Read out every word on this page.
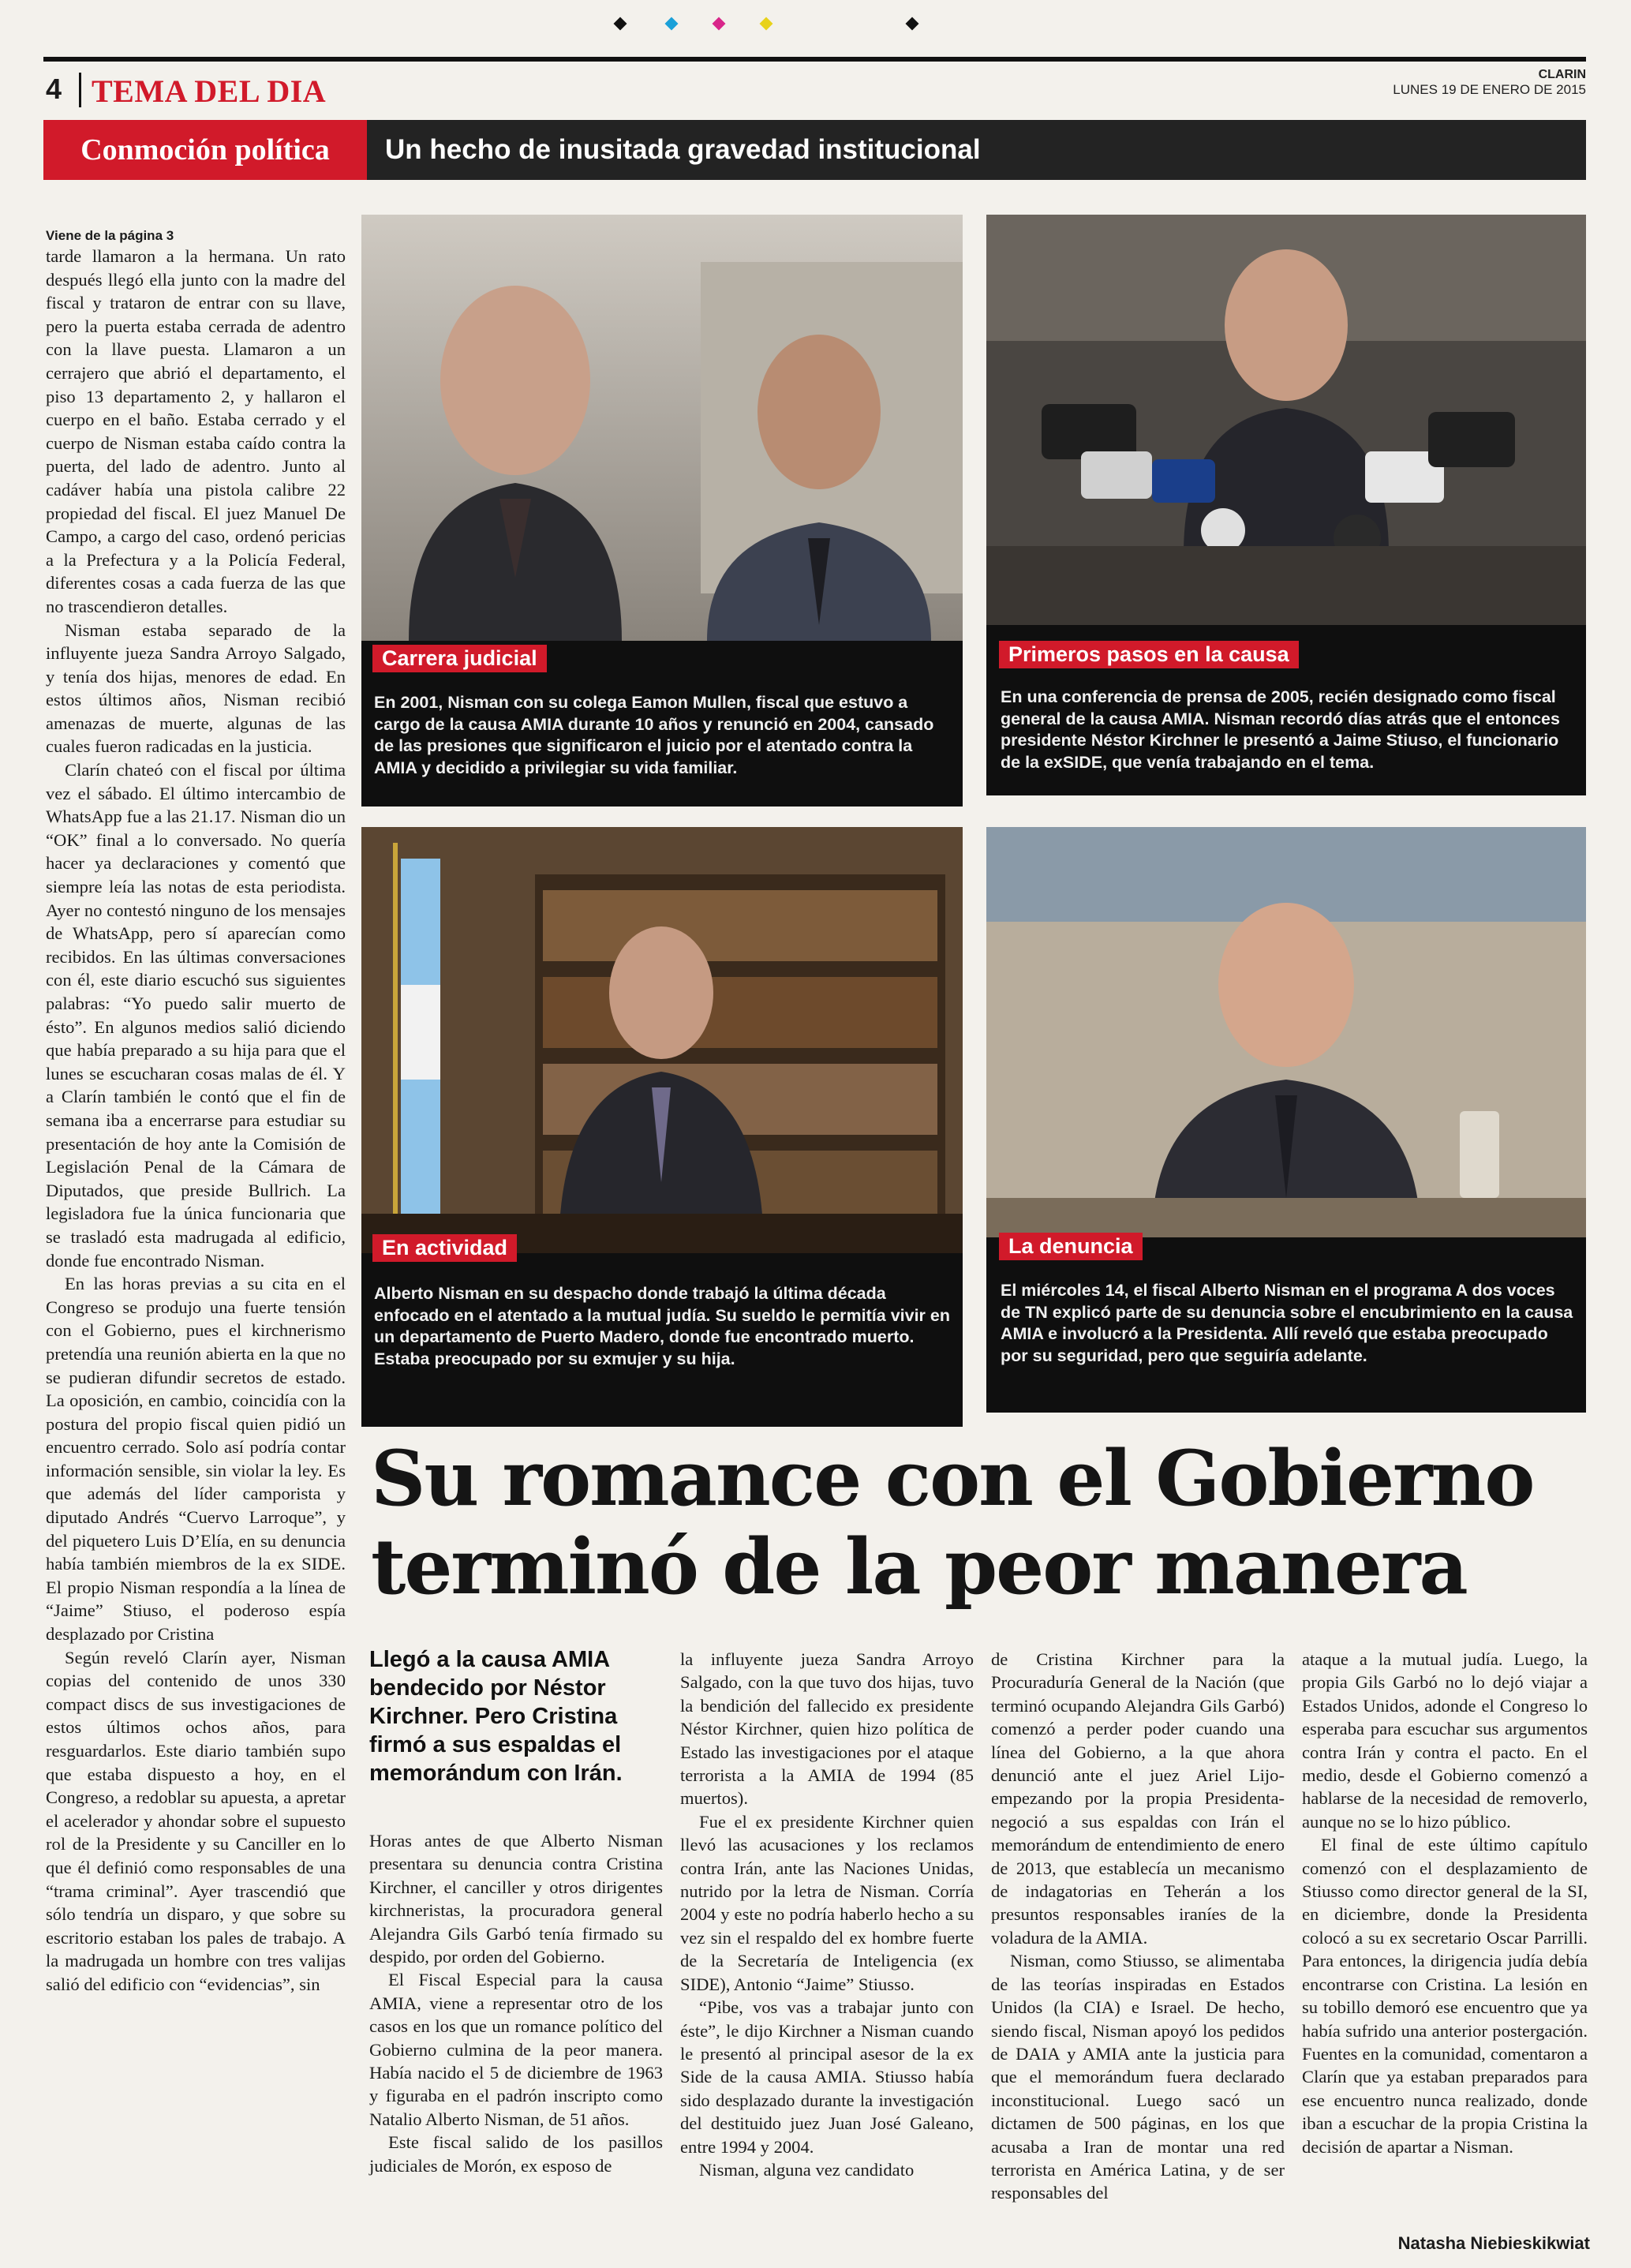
4 TEMA DEL DIA	CLARIN
LUNES 19 DE ENERO DE 2015
Conmoción política	Un hecho de inusitada gravedad institucional
Viene de la página 3

tarde llamaron a la hermana. Un rato después llegó ella junto con la madre del fiscal y trataron de entrar con su llave, pero la puerta estaba cerrada de adentro con la llave puesta. Llamaron a un cerrajero que abrió el departamento, el piso 13 departamento 2, y hallaron el cuerpo en el baño. Estaba cerrado y el cuerpo de Nisman estaba caído contra la puerta, del lado de adentro. Junto al cadáver había una pistola calibre 22 propiedad del fiscal. El juez Manuel De Campo, a cargo del caso, ordenó pericias a la Prefectura y a la Policía Federal, diferentes cosas a cada fuerza de las que no trascendieron detalles.

Nisman estaba separado de la influyente jueza Sandra Arroyo Salgado, y tenía dos hijas, menores de edad. En estos últimos años, Nisman recibió amenazas de muerte, algunas de las cuales fueron radicadas en la justicia.

Clarín chateó con el fiscal por última vez el sábado. El último intercambio de WhatsApp fue a las 21.17. Nisman dio un “OK” final a lo conversado. No quería hacer ya declaraciones y comentó que siempre leía las notas de esta periodista. Ayer no contestó ninguno de los mensajes de WhatsApp, pero sí aparecían como recibidos. En las últimas conversaciones con él, este diario escuchó sus siguientes palabras: “Yo puedo salir muerto de ésto”. En algunos medios salió diciendo que había preparado a su hija para que el lunes se escucharan cosas malas de él. Y a Clarín también le contó que el fin de semana iba a encerrarse para estudiar su presentación de hoy ante la Comisión de Legislación Penal de la Cámara de Diputados, que preside Bullrich. La legisladora fue la única funcionaria que se trasladó esta madrugada al edificio, donde fue encontrado Nisman.

En las horas previas a su cita en el Congreso se produjo una fuerte tensión con el Gobierno, pues el kirchnerismo pretendía una reunión abierta en la que no se pudieran difundir secretos de estado. La oposición, en cambio, coincidía con la postura del propio fiscal quien pidió un encuentro cerrado. Solo así podría contar información sensible, sin violar la ley. Es que además del líder camporista y diputado Andrés “Cuervo Larroque”, y del piquetero Luis D’Elía, en su denuncia había también miembros de la ex SIDE. El propio Nisman respondía a la línea de “Jaime” Stiuso, el poderoso espía desplazado por Cristina

Según reveló Clarín ayer, Nisman copias del contenido de unos 330 compact discs de sus investigaciones de estos últimos ochos años, para resguardarlos. Este diario también supo que estaba dispuesto a hoy, en el Congreso, a redoblar su apuesta, a apretar el acelerador y ahondar sobre el supuesto rol de la Presidente y su Canciller en lo que él definió como responsables de una “trama criminal”. Ayer trascendió que sólo tendría un disparo, y que sobre su escritorio estaban los pales de trabajo. A la madrugada un hombre con tres valijas salió del edificio con “evidencias”, sin

Carrera judicial
En 2001, Nisman con su colega Eamon Mullen, fiscal que estuvo a cargo de la causa AMIA durante 10 años y renunció en 2004, cansado de las presiones que significaron el juicio por el atentado contra la AMIA y decidido a privilegiar su vida familiar.
Primeros pasos en la causa
En una conferencia de prensa de 2005, recién designado como fiscal general de la causa AMIA. Nisman recordó días atrás que el entonces presidente Néstor Kirchner le presentó a Jaime Stiuso, el funcionario de la exSIDE, que venía trabajando en el tema.
En actividad
Alberto Nisman en su despacho donde trabajó la última década enfocado en el atentado a la mutual judía. Su sueldo le permitía vivir en un departamento de Puerto Madero, donde fue encontrado muerto. Estaba preocupado por su exmujer y su hija.
La denuncia
El miércoles 14, el fiscal Alberto Nisman en el programa A dos voces de TN explicó parte de su denuncia sobre el encubrimiento en la causa AMIA e involucró a la Presidenta. Allí reveló que estaba preocupado por su seguridad, pero que seguiría adelante.
Su romance con el Gobierno
terminó de la peor manera
Llegó a la causa AMIA bendecido por Néstor Kirchner. Pero Cristina firmó a sus espaldas el memorándum con Irán.

Horas antes de que Alberto Nisman presentara su denuncia contra Cristina Kirchner, el canciller y otros dirigentes kirchneristas, la procuradora general Alejandra Gils Garbó tenía firmado su despido, por orden del Gobierno.

El Fiscal Especial para la causa AMIA, viene a representar otro de los casos en los que un romance político del Gobierno culmina de la peor manera. Había nacido el 5 de diciembre de 1963 y figuraba en el padrón inscripto como Natalio Alberto Nisman, de 51 años.

Este fiscal salido de los pasillos judiciales de Morón, ex esposo de

la influyente jueza Sandra Arroyo Salgado, con la que tuvo dos hijas, tuvo la bendición del fallecido ex presidente Néstor Kirchner, quien hizo política de Estado las investigaciones por el ataque terrorista a la AMIA de 1994 (85 muertos).

Fue el ex presidente Kirchner quien llevó las acusaciones y los reclamos contra Irán, ante las Naciones Unidas, nutrido por la letra de Nisman. Corría 2004 y este no podría haberlo hecho a su vez sin el respaldo del ex hombre fuerte de la Secretaría de Inteligencia (ex SIDE), Antonio “Jaime” Stiusso.

“Pibe, vos vas a trabajar junto con éste”, le dijo Kirchner a Nisman cuando le presentó al principal asesor de la ex Side de la causa AMIA. Stiusso había sido desplazado durante la investigación del destituido juez Juan José Galeano, entre 1994 y 2004.

Nisman, alguna vez candidato

de Cristina Kirchner para la Procuraduría General de la Nación (que terminó ocupando Alejandra Gils Garbó) comenzó a perder poder cuando una línea del Gobierno, a la que ahora denunció ante el juez Ariel Lijo-empezando por la propia Presidenta- negoció a sus espaldas con Irán el memorándum de entendimiento de enero de 2013, que establecía un mecanismo de indagatorias en Teherán a los presuntos responsables iraníes de la voladura de la AMIA.

Nisman, como Stiusso, se alimentaba de las teorías inspiradas en Estados Unidos (la CIA) e Israel. De hecho, siendo fiscal, Nisman apoyó los pedidos de DAIA y AMIA ante la justicia para que el memorándum fuera declarado inconstitucional. Luego sacó un dictamen de 500 páginas, en los que acusaba a Iran de montar una red terrorista en América Latina, y de ser responsables del

ataque a la mutual judía. Luego, la propia Gils Garbó no lo dejó viajar a Estados Unidos, adonde el Congreso lo esperaba para escuchar sus argumentos contra Irán y contra el pacto. En el medio, desde el Gobierno comenzó a hablarse de la necesidad de removerlo, aunque no se lo hizo público.

El final de este último capítulo comenzó con el desplazamiento de Stiusso como director general de la SI, en diciembre, donde la Presidenta colocó a su ex secretario Oscar Parrilli. Para entonces, la dirigencia judía debía encontrarse con Cristina. La lesión en su tobillo demoró ese encuentro que ya había sufrido una anterior postergación. Fuentes en la comunidad, comentaron a Clarín que ya estaban preparados para ese encuentro nunca realizado, donde iban a escuchar de la propia Cristina la decisión de apartar a Nisman.

Natasha Niebieskikwiat
